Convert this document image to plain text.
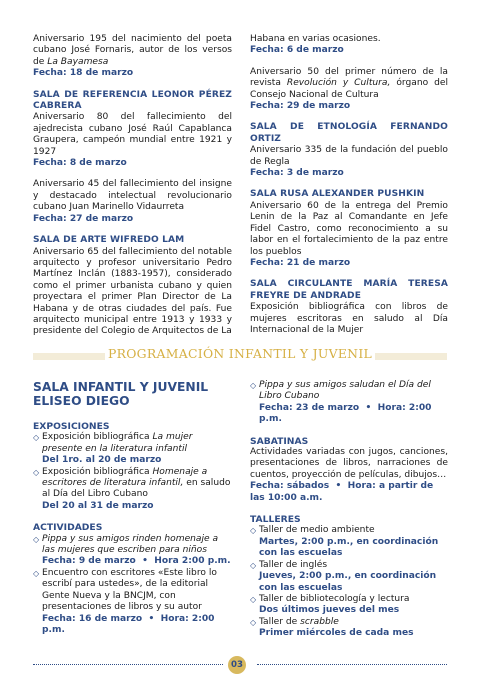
Aniversario 195 del nacimiento del poeta cubano José Fornaris, autor de los versos de La Bayamesa

Fecha: 18 de marzo

SALA DE REFERENCIA LEONOR PÉREZ CABRERA

Aniversario 80 del fallecimiento del ajedrecista cubano José Raúl Capablanca Graupera, campeón mundial entre 1921 y 1927

Fecha: 8 de marzo

Aniversario 45 del fallecimiento del insigne y destacado intelectual revolucionario cubano Juan Marinello Vidaurreta

Fecha: 27 de marzo

SALA DE ARTE WIFREDO LAM

Aniversario 65 del fallecimiento del notable arquitecto y profesor universitario Pedro Martínez Inclán (1883-1957), considerado como el primer urbanista cubano y quien proyectara el primer Plan Director de La Habana y de otras ciudades del país. Fue arquitecto municipal entre 1913 y 1933 y presidente del Colegio de Arquitectos de La

Habana en varias ocasiones.

Fecha: 6 de marzo

Aniversario 50 del primer número de la revista Revolución y Cultura, órgano del Consejo Nacional de Cultura

Fecha: 29 de marzo

SALA DE ETNOLOGÍA FERNANDO ORTIZ

Aniversario 335 de la fundación del pueblo de Regla

Fecha: 3 de marzo

SALA RUSA ALEXANDER PUSHKIN

Aniversario 60 de la entrega del Premio Lenin de la Paz al Comandante en Jefe Fidel Castro, como reconocimiento a su labor en el fortalecimiento de la paz entre los pueblos

Fecha: 21 de marzo

SALA CIRCULANTE MARÍA TERESA FREYRE DE ANDRADE

Exposición bibliográfica con libros de mujeres escritoras en saludo al Día Internacional de la Mujer

PROGRAMACIÓN INFANTIL Y JUVENIL

SALA INFANTIL Y JUVENIL ELISEO DIEGO

EXPOSICIONES

◇ Exposición bibliográfica La mujer presente en la literatura infantil

Del 1ro. al 20 de marzo

◇ Exposición bibliográfica Homenaje a escritores de literatura infantil, en saludo al Día del Libro Cubano

Del 20 al 31 de marzo

ACTIVIDADES

◇ Pippa y sus amigos rinden homenaje a las mujeres que escriben para niños

Fecha: 9 de marzo  •  Hora 2:00 p.m.

◇ Encuentro con escritores «Este libro lo escribí para ustedes», de la editorial Gente Nueva y la BNCJM, con presentaciones de libros y su autor

Fecha: 16 de marzo  •  Hora: 2:00 p.m.

◇ Pippa y sus amigos saludan el Día del Libro Cubano

Fecha: 23 de marzo  •  Hora: 2:00 p.m.

SABATINAS

Actividades variadas con jugos, canciones, presentaciones de libros, narraciones de cuentos, proyección de películas, dibujos…

Fecha: sábados  •  Hora: a partir de las 10:00 a.m.

TALLERES

◇ Taller de medio ambiente

Martes, 2:00 p.m., en coordinación con las escuelas

◇ Taller de inglés

Jueves, 2:00 p.m., en coordinación con las escuelas

◇ Taller de bibliotecología y lectura

Dos últimos jueves del mes

◇ Taller de scrabble

Primer miércoles de cada mes

03
